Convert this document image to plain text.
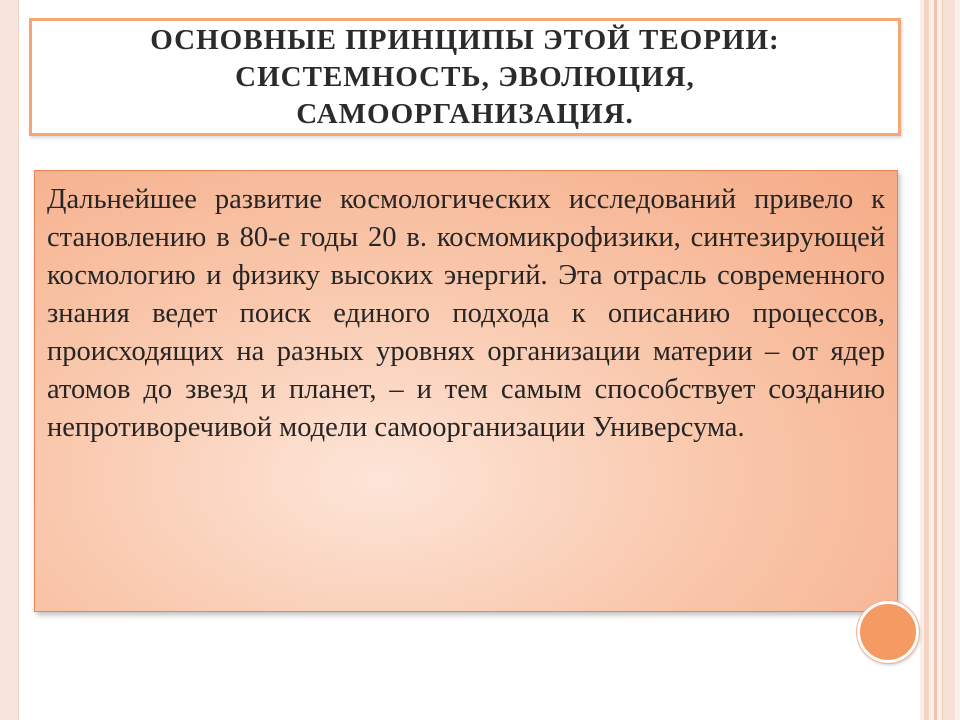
ОСНОВНЫЕ ПРИНЦИПЫ ЭТОЙ ТЕОРИИ:
СИСТЕМНОСТЬ, ЭВОЛЮЦИЯ,
САМООРГАНИЗАЦИЯ.

Дальнейшее развитие космологических исследований привело к становлению в 80-е годы 20 в. космомикрофизики, синтезирующей космологию и физику высоких энергий. Эта отрасль современного знания ведет поиск единого подхода к описанию процессов, происходящих на разных уровнях организации материи – от ядер атомов до звезд и планет, – и тем самым способствует созданию непротиворечивой модели самоорганизации Универсума.
